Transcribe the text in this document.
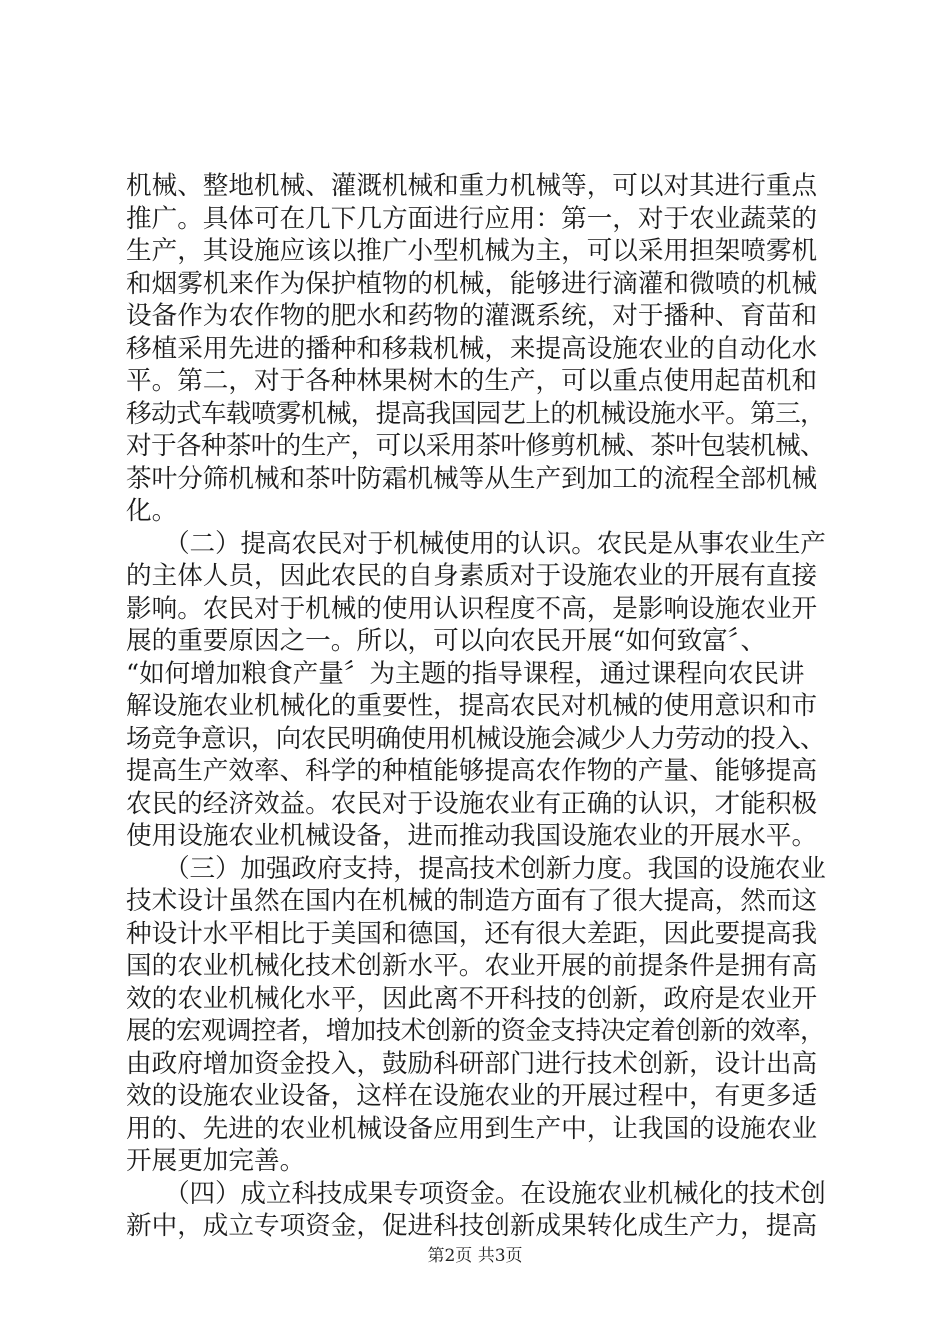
机械、整地机械、灌溉机械和重力机械等，可以对其进行重点
推广。具体可在几下几方面进行应用：第一，对于农业蔬菜的
生产，其设施应该以推广小型机械为主，可以采用担架喷雾机
和烟雾机来作为保护植物的机械，能够进行滴灌和微喷的机械
设备作为农作物的肥水和药物的灌溉系统，对于播种、育苗和
移植采用先进的播种和移栽机械，来提高设施农业的自动化水
平。第二，对于各种林果树木的生产，可以重点使用起苗机和
移动式车载喷雾机械，提高我国园艺上的机械设施水平。第三，
对于各种茶叶的生产，可以采用茶叶修剪机械、茶叶包装机械、
茶叶分筛机械和茶叶防霜机械等从生产到加工的流程全部机械
化。
　　（二）提高农民对于机械使用的认识。农民是从事农业生产
的主体人员，因此农民的自身素质对于设施农业的开展有直接
影响。农民对于机械的使用认识程度不高，是影响设施农业开
展的重要原因之一。所以，可以向农民开展“如何致富〞、
“如何增加粮食产量〞为主题的指导课程，通过课程向农民讲
解设施农业机械化的重要性，提高农民对机械的使用意识和市
场竞争意识，向农民明确使用机械设施会减少人力劳动的投入、
提高生产效率、科学的种植能够提高农作物的产量、能够提高
农民的经济效益。农民对于设施农业有正确的认识，才能积极
使用设施农业机械设备，进而推动我国设施农业的开展水平。
　　（三）加强政府支持，提高技术创新力度。我国的设施农业
技术设计虽然在国内在机械的制造方面有了很大提高，然而这
种设计水平相比于美国和德国，还有很大差距，因此要提高我
国的农业机械化技术创新水平。农业开展的前提条件是拥有高
效的农业机械化水平，因此离不开科技的创新，政府是农业开
展的宏观调控者，增加技术创新的资金支持决定着创新的效率，
由政府增加资金投入，鼓励科研部门进行技术创新，设计出高
效的设施农业设备，这样在设施农业的开展过程中，有更多适
用的、先进的农业机械设备应用到生产中，让我国的设施农业
开展更加完善。
　　（四）成立科技成果专项资金。在设施农业机械化的技术创
新中，成立专项资金，促进科技创新成果转化成生产力，提高
第2页 共3页
